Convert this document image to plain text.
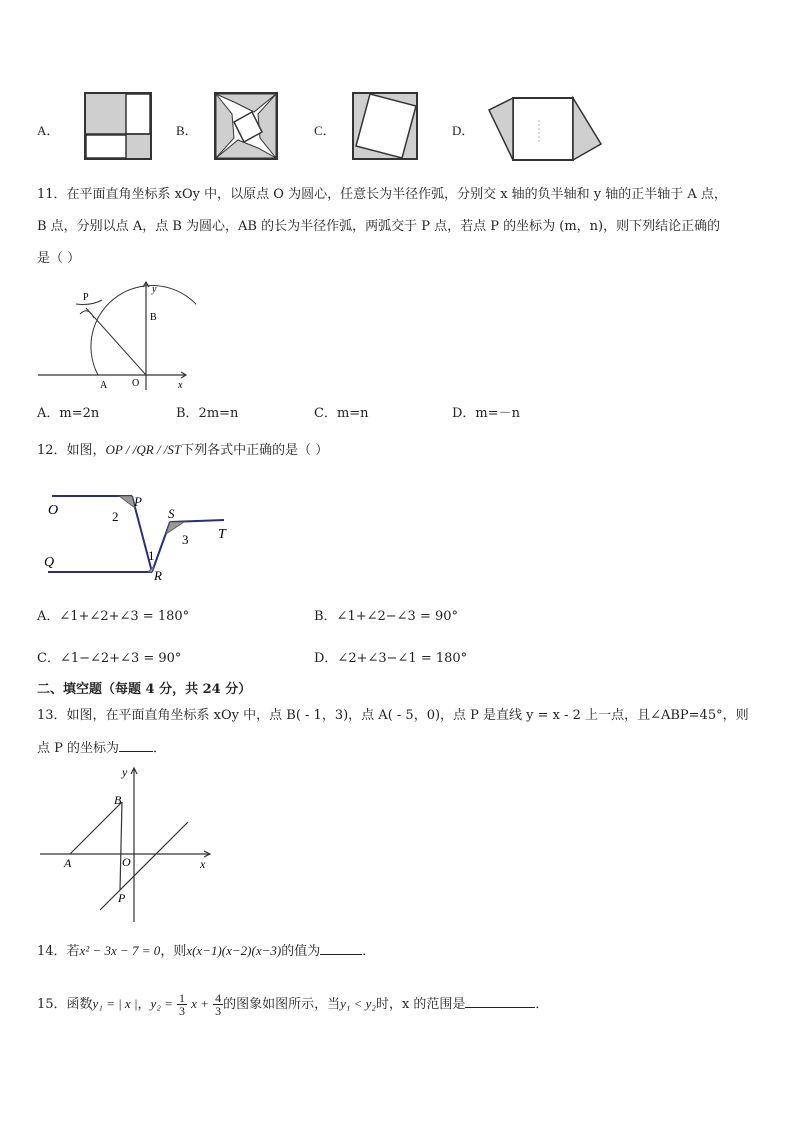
A．	B．	C．	D．
11．在平面直角坐标系 xOy 中，以原点 O 为圆心，任意长为半径作弧，分别交 x 轴的负半轴和 y 轴的正半轴于 A 点，
B 点，分别以点 A，点 B 为圆心，AB 的长为半径作弧，两弧交于 P 点，若点 P 的坐标为 (m，n)，则下列结论正确的
是（ ）
P
y
B
A O	x
A．m=2n	B．2m=n	C．m=n	D．m=－n
12．如图，OP / /QR / /ST下列各式中正确的是（ ）
O
P
2	S
T
3
1
Q
R
A．∠1+∠2+∠3 = 180°	B．∠1+∠2−∠3 = 90°
C．∠1−∠2+∠3 = 90°	D．∠2+∠3−∠1 = 180°
二、填空题（每题 4 分，共 24 分）
13．如图，在平面直角坐标系 xOy 中，点 B( - 1，3)，点 A( - 5，0)，点 P 是直线 y = x - 2 上一点，且∠ABP=45°，则
点 P 的坐标为	．
y
B
A	O	x
P
14．若x² − 3x − 7 = 0，则x(x−1)(x−2)(x−3)的值为	．
15．函数y₁ = | x |，$y_2 = \frac{1}{3}$ $x + \frac{4}{3}$ 的图象如图所示，当y₁ < y₂时，x 的范围是	．
